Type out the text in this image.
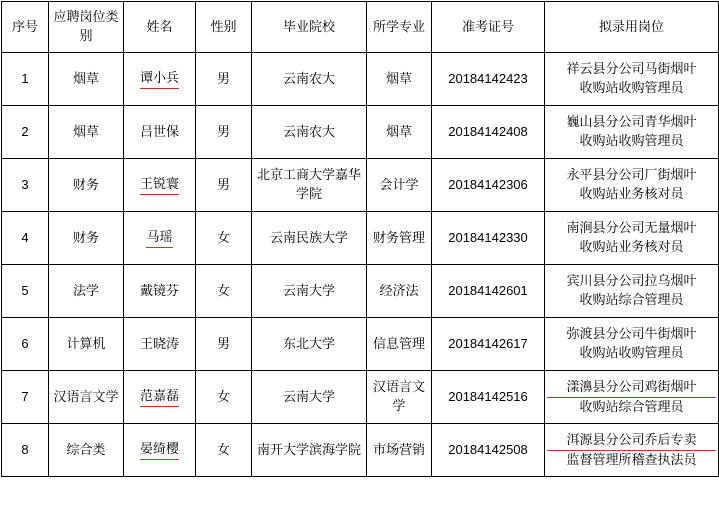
序号	应聘岗位类别	姓名	性别	毕业院校	所学专业	准考证号	拟录用岗位
1	烟草	谭小兵	男	云南农大	烟草	20184142423	祥云县分公司马街烟叶
收购站收购管理员

2	烟草	吕世保	男	云南农大	烟草	20184142408	巍山县分公司青华烟叶
收购站收购管理员

3	财务	王锐寰	男	北京工商大学嘉华学院	会计学	20184142306	永平县分公司厂街烟叶
收购站业务核对员

4	财务	马瑶	女	云南民族大学	财务管理	20184142330	南涧县分公司无量烟叶
收购站业务核对员

5	法学	戴镜芬	女	云南大学	经济法	20184142601	宾川县分公司拉乌烟叶
收购站综合管理员

6	计算机	王晓涛	男	东北大学	信息管理	20184142617	弥渡县分公司牛街烟叶
收购站收购管理员

7	汉语言文学	范嘉磊	女	云南大学	汉语言文学	20184142516	漾濞县分公司鸡街烟叶
收购站综合管理员

8	综合类	晏绮樱	女	南开大学滨海学院	市场营销	20184142508	洱源县分公司乔后专卖
监督管理所稽查执法员
